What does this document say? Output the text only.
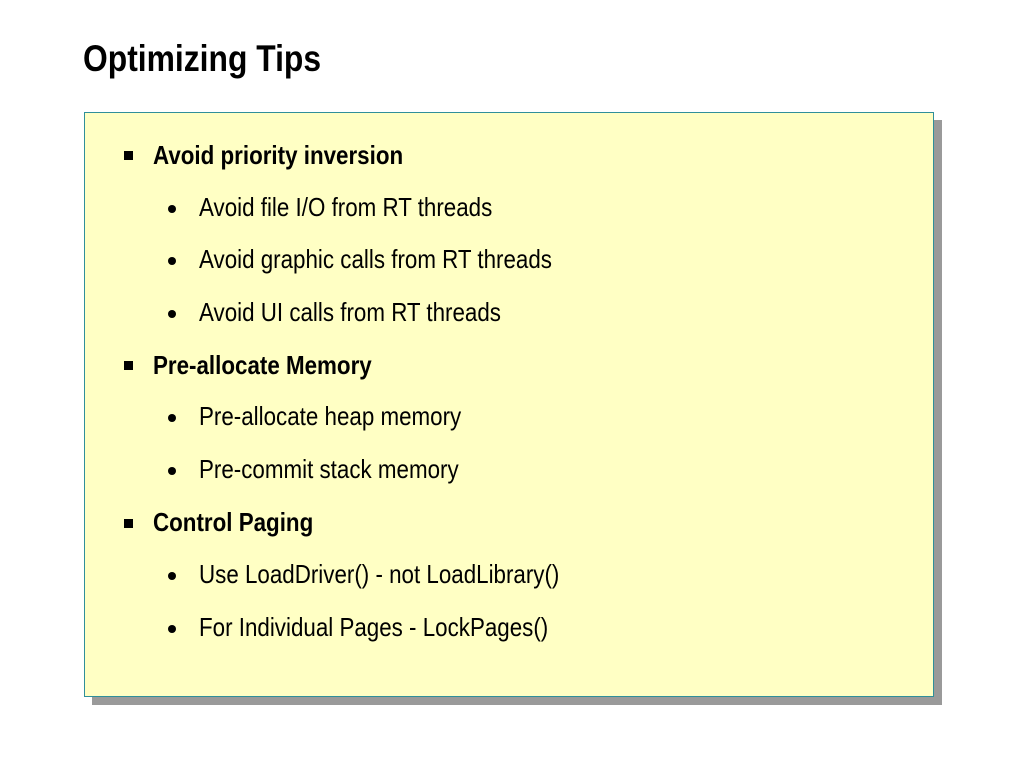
Optimizing Tips
Avoid priority inversion
Avoid file I/O from RT threads
Avoid graphic calls from RT threads
Avoid UI calls from RT threads
Pre-allocate Memory
Pre-allocate heap memory
Pre-commit stack memory
Control Paging
Use LoadDriver() - not LoadLibrary()
For Individual Pages - LockPages()
